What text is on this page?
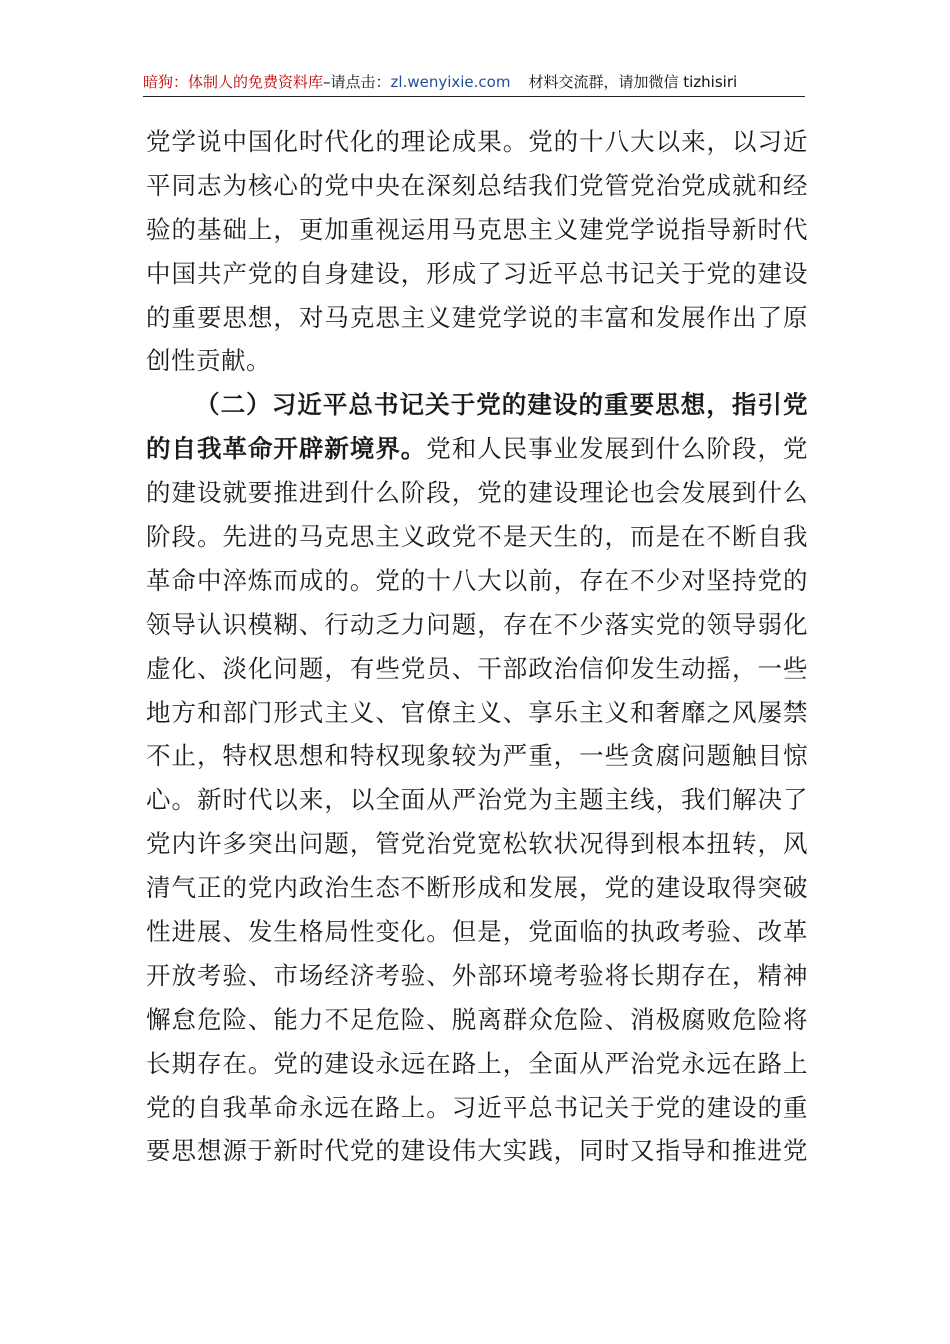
暗狗：体制人的免费资料库–请点击：zl.wenyixie.com 材料交流群，请加微信 tizhisiri
党学说中国化时代化的理论成果。党的十八大以来，以习近
平同志为核心的党中央在深刻总结我们党管党治党成就和经
验的基础上，更加重视运用马克思主义建党学说指导新时代
中国共产党的自身建设，形成了习近平总书记关于党的建设
的重要思想，对马克思主义建党学说的丰富和发展作出了原
创性贡献。
（二）习近平总书记关于党的建设的重要思想，指引党
的自我革命开辟新境界。党和人民事业发展到什么阶段，党
的建设就要推进到什么阶段，党的建设理论也会发展到什么
阶段。先进的马克思主义政党不是天生的，而是在不断自我
革命中淬炼而成的。党的十八大以前，存在不少对坚持党的
领导认识模糊、行动乏力问题，存在不少落实党的领导弱化
虚化、淡化问题，有些党员、干部政治信仰发生动摇，一些
地方和部门形式主义、官僚主义、享乐主义和奢靡之风屡禁
不止，特权思想和特权现象较为严重，一些贪腐问题触目惊
心。新时代以来，以全面从严治党为主题主线，我们解决了
党内许多突出问题，管党治党宽松软状况得到根本扭转，风
清气正的党内政治生态不断形成和发展，党的建设取得突破
性进展、发生格局性变化。但是，党面临的执政考验、改革
开放考验、市场经济考验、外部环境考验将长期存在，精神
懈怠危险、能力不足危险、脱离群众危险、消极腐败危险将
长期存在。党的建设永远在路上，全面从严治党永远在路上
党的自我革命永远在路上。习近平总书记关于党的建设的重
要思想源于新时代党的建设伟大实践，同时又指导和推进党
